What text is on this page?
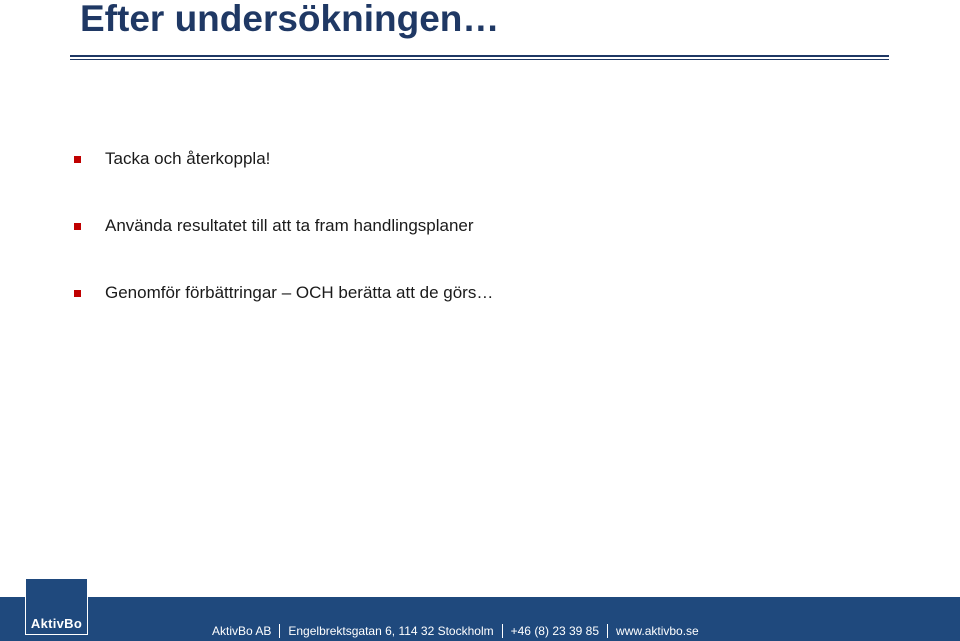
Efter undersökningen…
Tacka och återkoppla!
Använda resultatet till att ta fram handlingsplaner
Genomför förbättringar – OCH berätta att de görs…
AktivBo	AktivBo AB Engelbrektsgatan 6, 114 32 Stockholm +46 (8) 23 39 85 www.aktivbo.se
